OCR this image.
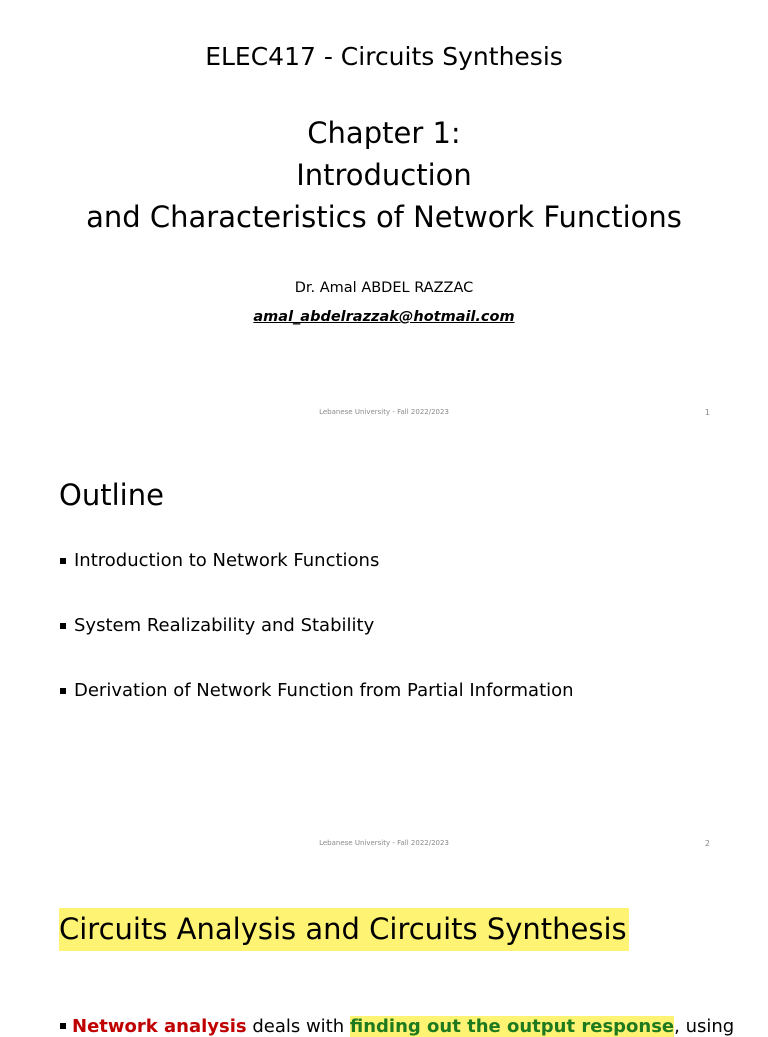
ELEC417 - Circuits Synthesis
Chapter 1:
Introduction
and Characteristics of Network Functions
Dr. Amal ABDEL RAZZAC
amal_abdelrazzak@hotmail.com
Lebanese University - Fall 2022/2023	1
Outline
Introduction to Network Functions
System Realizability and Stability
Derivation of Network Function from Partial Information
Lebanese University - Fall 2022/2023	2
Circuits Analysis and Circuits Synthesis
Network analysis deals with finding out the output response, using
